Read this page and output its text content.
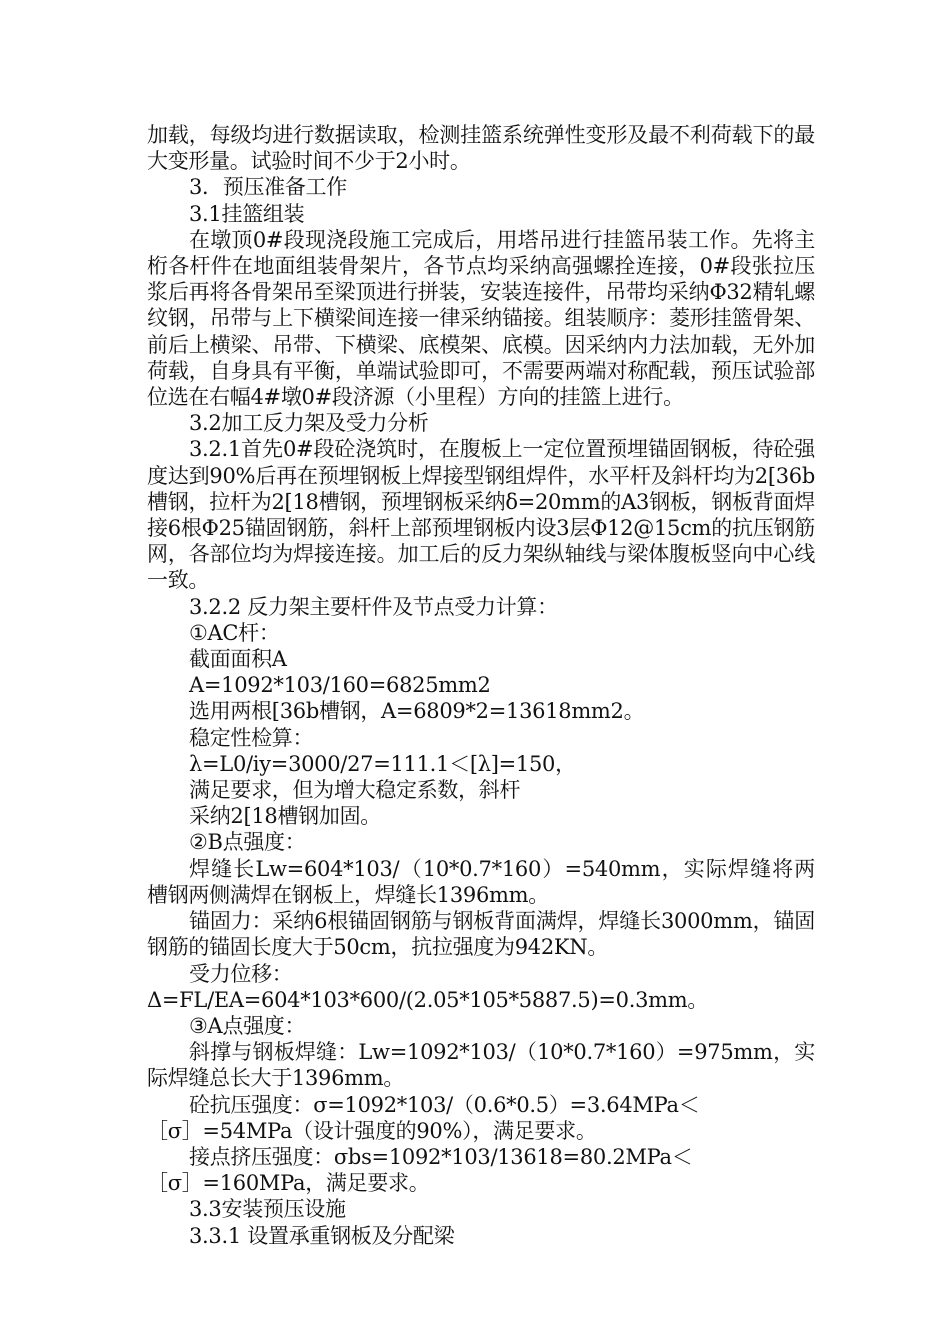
加载，每级均进行数据读取，检测挂篮系统弹性变形及最不利荷载下的最大变形量。试验时间不少于2小时。

3．预压准备工作

3.1挂篮组装

在墩顶0#段现浇段施工完成后，用塔吊进行挂篮吊装工作。先将主桁各杆件在地面组装骨架片，各节点均采纳高强螺拴连接，0#段张拉压浆后再将各骨架吊至梁顶进行拼装，安装连接件，吊带均采纳Φ32精轧螺纹钢，吊带与上下横梁间连接一律采纳锚接。组装顺序：菱形挂篮骨架、前后上横梁、吊带、下横梁、底模架、底模。因采纳内力法加载，无外加荷载，自身具有平衡，单端试验即可，不需要两端对称配载，预压试验部位选在右幅4#墩0#段济源（小里程）方向的挂篮上进行。

3.2加工反力架及受力分析

3.2.1首先0#段砼浇筑时，在腹板上一定位置预埋锚固钢板，待砼强度达到90%后再在预埋钢板上焊接型钢组焊件，水平杆及斜杆均为2[36b槽钢，拉杆为2[18槽钢，预埋钢板采纳δ=20mm的A3钢板，钢板背面焊接6根Φ25锚固钢筋，斜杆上部预埋钢板内设3层Φ12@15cm的抗压钢筋网，各部位均为焊接连接。加工后的反力架纵轴线与梁体腹板竖向中心线一致。

3.2.2 反力架主要杆件及节点受力计算：

①AC杆：

截面面积A

A=1092*103/160=6825mm2

选用两根[36b槽钢，A=6809*2=13618mm2。

稳定性检算：

λ=L0/iy=3000/27=111.1＜[λ]=150，

满足要求，但为增大稳定系数，斜杆

采纳2[18槽钢加固。

②B点强度：

焊缝长Lw=604*103/（10*0.7*160）=540mm，实际焊缝将两槽钢两侧满焊在钢板上，焊缝长1396mm。

锚固力：采纳6根锚固钢筋与钢板背面满焊，焊缝长3000mm，锚固钢筋的锚固长度大于50cm，抗拉强度为942KN。

受力位移：

Δ=FL/EA=604*103*600/(2.05*105*5887.5)=0.3mm。

③A点强度：

斜撑与钢板焊缝：Lw=1092*103/（10*0.7*160）=975mm，实际焊缝总长大于1396mm。

砼抗压强度：σ=1092*103/（0.6*0.5）=3.64MPa＜

［σ］=54MPa（设计强度的90%），满足要求。

接点挤压强度：σbs=1092*103/13618=80.2MPa＜

［σ］=160MPa，满足要求。

3.3安装预压设施

3.3.1 设置承重钢板及分配梁
